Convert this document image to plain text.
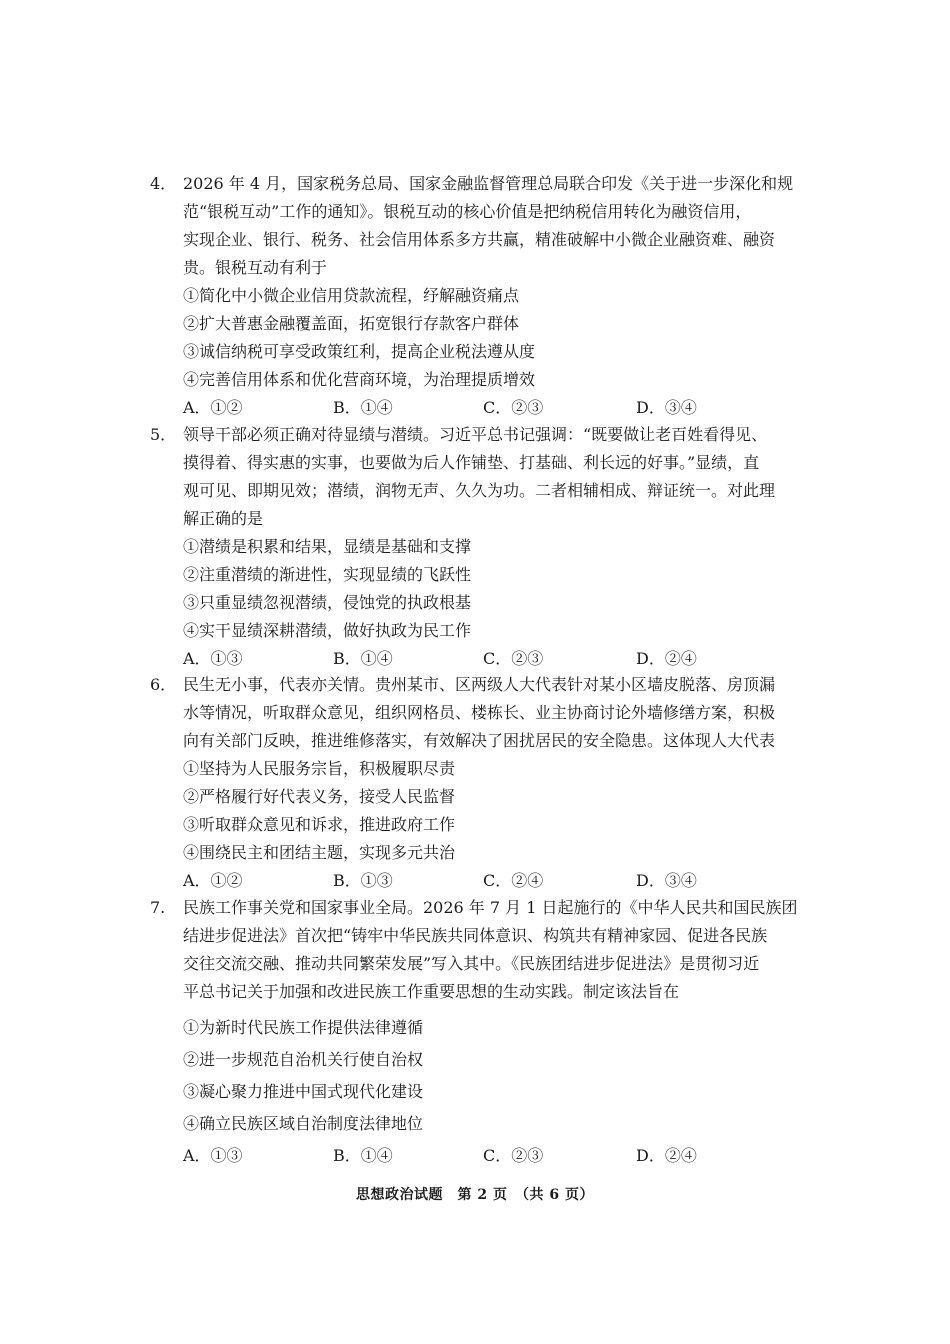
4． 2026 年 4 月，国家税务总局、国家金融监督管理总局联合印发《关于进一步深化和规
范“银税互动”工作的通知》。银税互动的核心价值是把纳税信用转化为融资信用，
实现企业、银行、税务、社会信用体系多方共赢，精准破解中小微企业融资难、融资
贵。银税互动有利于
①简化中小微企业信用贷款流程，纾解融资痛点
②扩大普惠金融覆盖面，拓宽银行存款客户群体
③诚信纳税可享受政策红利，提高企业税法遵从度
④完善信用体系和优化营商环境，为治理提质增效
A．①②	B．①④	C．②③	D．③④
5． 领导干部必须正确对待显绩与潜绩。习近平总书记强调：“既要做让老百姓看得见、
摸得着、得实惠的实事，也要做为后人作铺垫、打基础、利长远的好事。”显绩，直
观可见、即期见效；潜绩，润物无声、久久为功。二者相辅相成、辩证统一。对此理
解正确的是
①潜绩是积累和结果，显绩是基础和支撑
②注重潜绩的渐进性，实现显绩的飞跃性
③只重显绩忽视潜绩，侵蚀党的执政根基
④实干显绩深耕潜绩，做好执政为民工作
A．①③	B．①④	C．②③	D．②④
6． 民生无小事，代表亦关情。贵州某市、区两级人大代表针对某小区墙皮脱落、房顶漏
水等情况，听取群众意见，组织网格员、楼栋长、业主协商讨论外墙修缮方案，积极
向有关部门反映，推进维修落实，有效解决了困扰居民的安全隐患。这体现人大代表
①坚持为人民服务宗旨，积极履职尽责
②严格履行好代表义务，接受人民监督
③听取群众意见和诉求，推进政府工作
④围绕民主和团结主题，实现多元共治
A．①②	B．①③	C．②④	D．③④
7. 民族工作事关党和国家事业全局。2026 年 7 月 1 日起施行的《中华人民共和国民族团
结进步促进法》首次把“铸牢中华民族共同体意识、构筑共有精神家园、促进各民族
交往交流交融、推动共同繁荣发展”写入其中。《民族团结进步促进法》是贯彻习近
平总书记关于加强和改进民族工作重要思想的生动实践。制定该法旨在
①为新时代民族工作提供法律遵循
②进一步规范自治机关行使自治权
③凝心聚力推进中国式现代化建设
④确立民族区域自治制度法律地位
A．①③	B．①④	C．②③	D．②④
思想政治试题　第 2 页　（共 6 页）
